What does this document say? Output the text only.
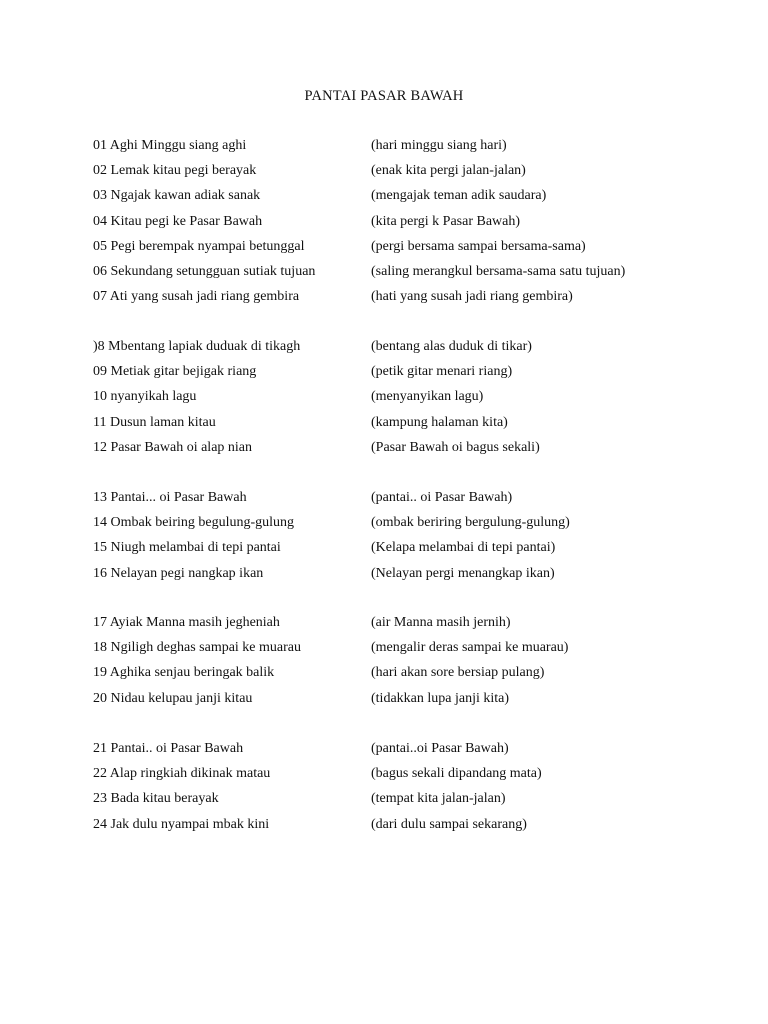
PANTAI PASAR BAWAH
01 Aghi Minggu siang aghi	(hari minggu siang hari)
02 Lemak kitau pegi berayak	(enak kita pergi jalan-jalan)
03 Ngajak kawan adiak sanak	(mengajak teman adik saudara)
04 Kitau pegi ke Pasar Bawah	(kita pergi k Pasar Bawah)
05 Pegi berempak nyampai betunggal	(pergi bersama sampai bersama-sama)
06 Sekundang setungguan sutiak tujuan	(saling merangkul bersama-sama satu tujuan)
07 Ati yang susah jadi riang gembira	(hati yang susah jadi riang gembira)
)8 Mbentang lapiak duduak di tikagh	(bentang alas duduk di tikar)
09 Metiak gitar bejigak riang	(petik gitar menari riang)
10 nyanyikah lagu	(menyanyikan lagu)
11 Dusun laman kitau	(kampung halaman kita)
12 Pasar Bawah oi alap nian	(Pasar Bawah oi bagus sekali)
13 Pantai... oi Pasar Bawah	(pantai.. oi Pasar Bawah)
14 Ombak beiring begulung-gulung	(ombak beriring bergulung-gulung)
15 Niugh melambai di tepi pantai	(Kelapa melambai di tepi pantai)
16 Nelayan pegi nangkap ikan	(Nelayan pergi menangkap ikan)
17 Ayiak Manna masih jegheniah	(air Manna masih jernih)
18 Ngiligh deghas sampai ke muarau	(mengalir deras sampai ke muarau)
19 Aghika senjau beringak balik	(hari akan sore bersiap pulang)
20 Nidau kelupau janji kitau	(tidakkan lupa janji kita)
21 Pantai.. oi Pasar Bawah	(pantai..oi Pasar Bawah)
22 Alap ringkiah dikinak matau	(bagus sekali dipandang mata)
23 Bada kitau berayak	(tempat kita jalan-jalan)
24 Jak dulu nyampai mbak kini	(dari dulu sampai sekarang)
